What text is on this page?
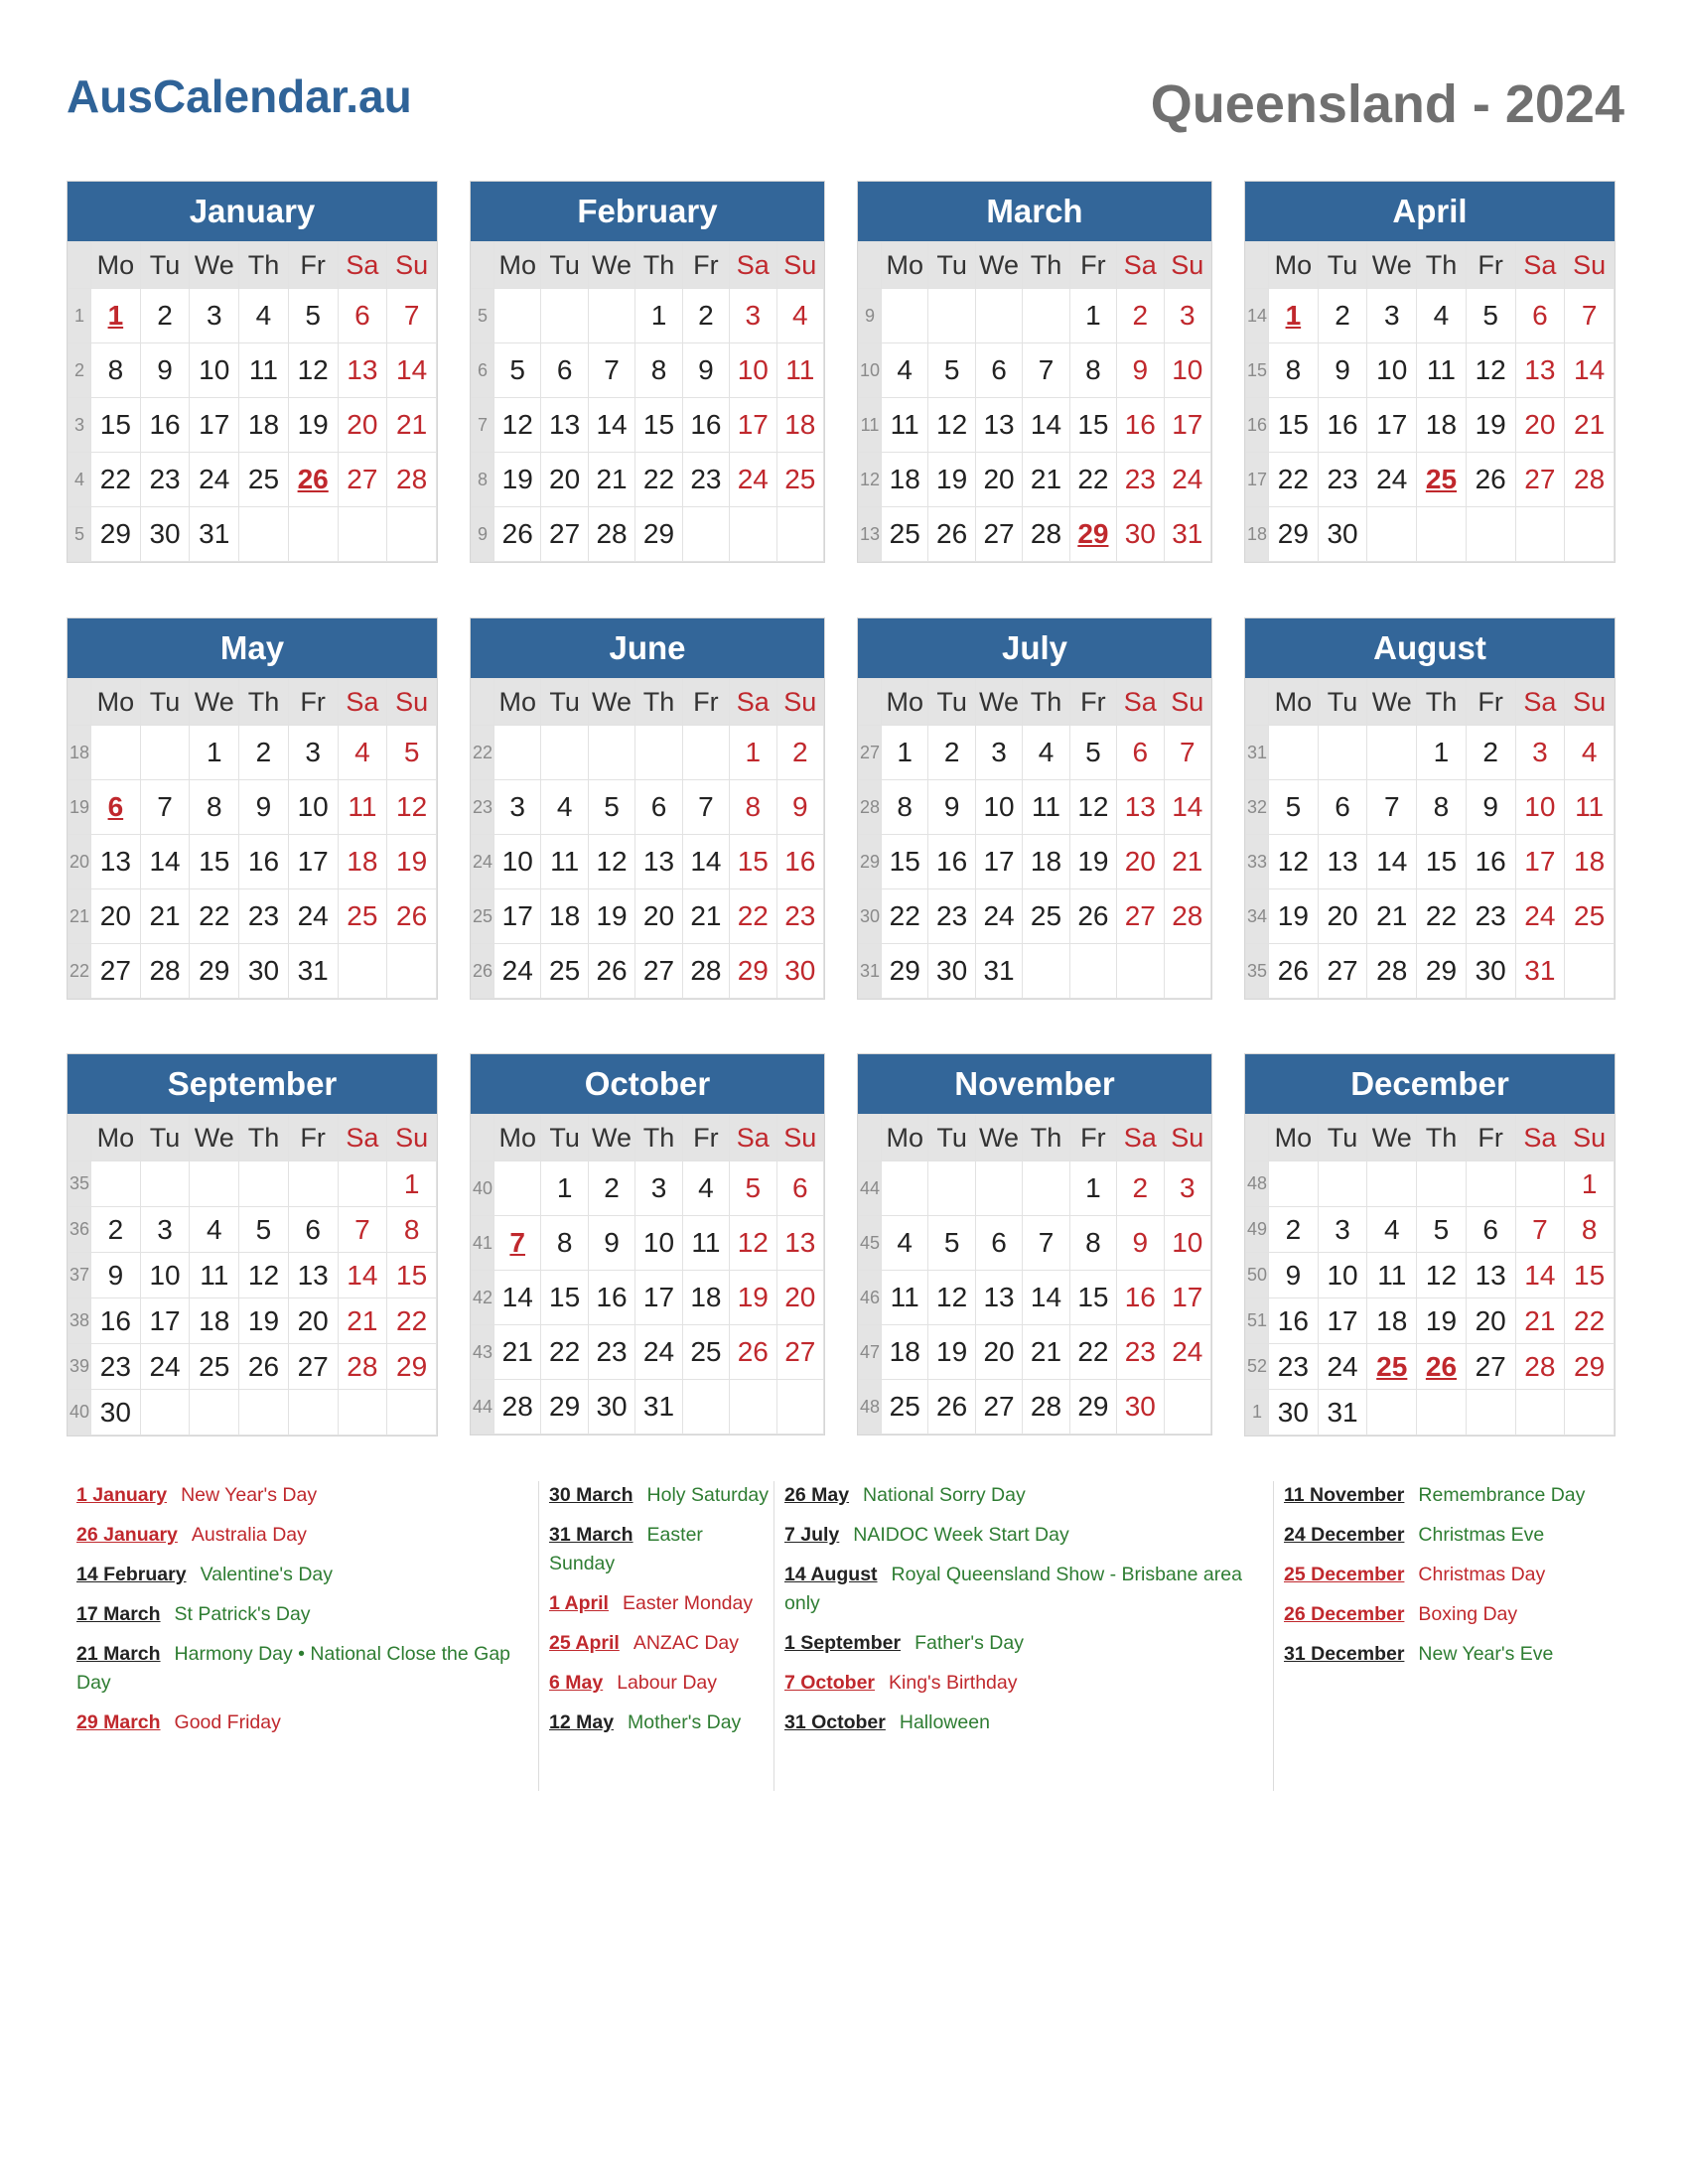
AusCalendar.au	Queensland - 2024
January
	Mo	Tu	We	Th	Fr	Sa	Su
1	1	2	3	4	5	6	7
2	8	9	10	11	12	13	14
3	15	16	17	18	19	20	21
4	22	23	24	25	26	27	28
5	29	30	31				
February
	Mo	Tu	We	Th	Fr	Sa	Su
5				1	2	3	4
6	5	6	7	8	9	10	11
7	12	13	14	15	16	17	18
8	19	20	21	22	23	24	25
9	26	27	28	29			
March
	Mo	Tu	We	Th	Fr	Sa	Su
9					1	2	3
10	4	5	6	7	8	9	10
11	11	12	13	14	15	16	17
12	18	19	20	21	22	23	24
13	25	26	27	28	29	30	31
April
	Mo	Tu	We	Th	Fr	Sa	Su
14	1	2	3	4	5	6	7
15	8	9	10	11	12	13	14
16	15	16	17	18	19	20	21
17	22	23	24	25	26	27	28
18	29	30					
May
	Mo	Tu	We	Th	Fr	Sa	Su
18			1	2	3	4	5
19	6	7	8	9	10	11	12
20	13	14	15	16	17	18	19
21	20	21	22	23	24	25	26
22	27	28	29	30	31		
June
	Mo	Tu	We	Th	Fr	Sa	Su
22						1	2
23	3	4	5	6	7	8	9
24	10	11	12	13	14	15	16
25	17	18	19	20	21	22	23
26	24	25	26	27	28	29	30
July
	Mo	Tu	We	Th	Fr	Sa	Su
27	1	2	3	4	5	6	7
28	8	9	10	11	12	13	14
29	15	16	17	18	19	20	21
30	22	23	24	25	26	27	28
31	29	30	31				
August
	Mo	Tu	We	Th	Fr	Sa	Su
31				1	2	3	4
32	5	6	7	8	9	10	11
33	12	13	14	15	16	17	18
34	19	20	21	22	23	24	25
35	26	27	28	29	30	31	
September
	Mo	Tu	We	Th	Fr	Sa	Su
35							1
36	2	3	4	5	6	7	8
37	9	10	11	12	13	14	15
38	16	17	18	19	20	21	22
39	23	24	25	26	27	28	29
40	30						
October
	Mo	Tu	We	Th	Fr	Sa	Su
40		1	2	3	4	5	6
41	7	8	9	10	11	12	13
42	14	15	16	17	18	19	20
43	21	22	23	24	25	26	27
44	28	29	30	31			
November
	Mo	Tu	We	Th	Fr	Sa	Su
44					1	2	3
45	4	5	6	7	8	9	10
46	11	12	13	14	15	16	17
47	18	19	20	21	22	23	24
48	25	26	27	28	29	30	
December
	Mo	Tu	We	Th	Fr	Sa	Su
48							1
49	2	3	4	5	6	7	8
50	9	10	11	12	13	14	15
51	16	17	18	19	20	21	22
52	23	24	25	26	27	28	29
1	30	31					
1 January New Year's Day
26 January Australia Day
14 February Valentine's Day
17 March St Patrick's Day
21 March Harmony Day • National Close the Gap Day
29 March Good Friday
30 March Holy Saturday
31 March Easter Sunday
1 April Easter Monday
25 April ANZAC Day
6 May Labour Day
12 May Mother's Day
26 May National Sorry Day
7 July NAIDOC Week Start Day
14 August Royal Queensland Show - Brisbane area only
1 September Father's Day
7 October King's Birthday
31 October Halloween
11 November Remembrance Day
24 December Christmas Eve
25 December Christmas Day
26 December Boxing Day
31 December New Year's Eve
